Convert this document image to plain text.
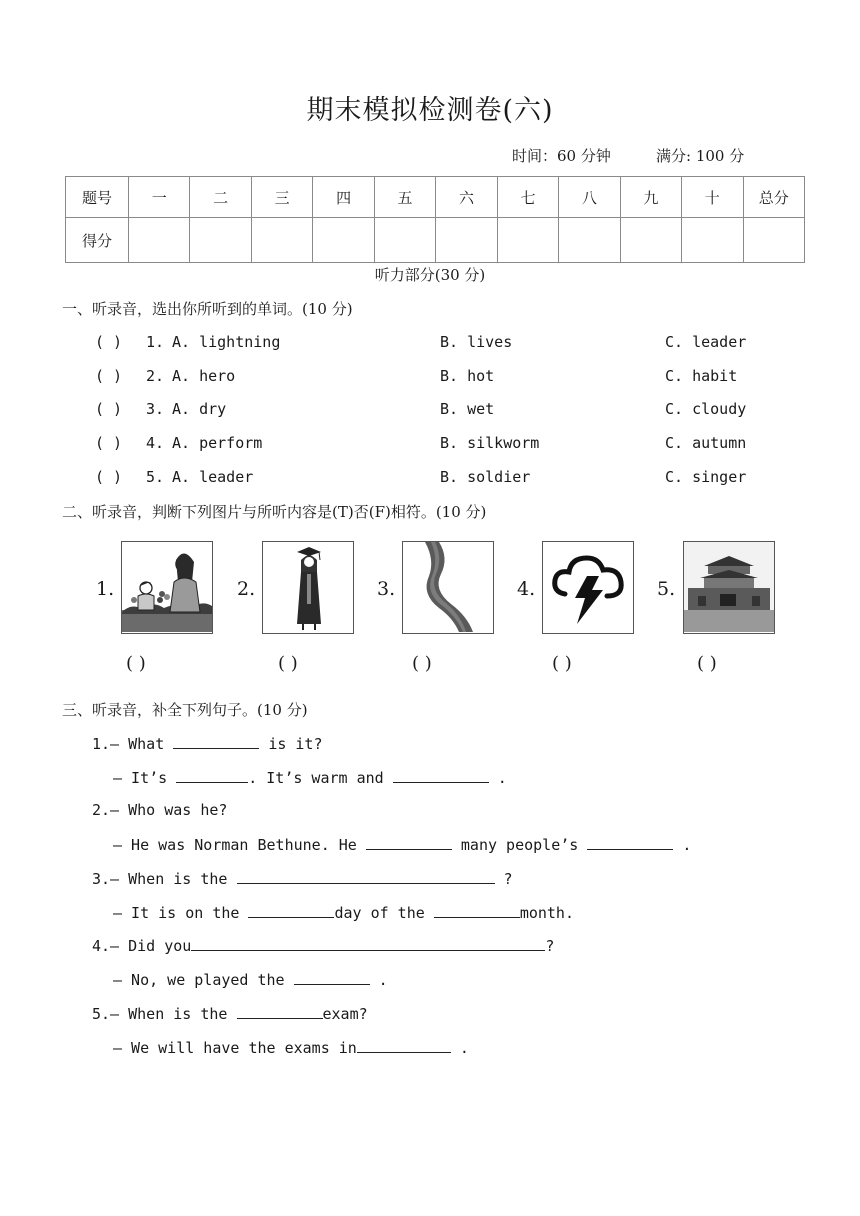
期末模拟检测卷(六)
时间：60 分钟	满分: 100 分
题号	一	二	三	四	五	六	七	八	九	十	总分
得分											
听力部分(30 分)
一、听录音，选出你所听到的单词。(10 分)
( ) 1. A. lightning	B. lives	C. leader
( ) 2. A. hero	B. hot	C. habit
( ) 3. A. dry	B. wet	C. cloudy
( ) 4. A. perform	B. silkworm	C. autumn
( ) 5. A. leader	B. soldier	C. singer
二、听录音，判断下列图片与所听内容是(T)否(F)相符。(10 分)
1.
( )
2.
( )
3.
( )
4.
( )
5.
( )
三、听录音，补全下列句子。(10 分)
1.— What	is it?
— It’s	. It’s warm and	.
2.— Who was he?
— He was Norman Bethune. He	many people’s	.
3.— When is the	?
— It is on the	day of the	month.
4.— Did you	?
— No, we played the	.
5.— When is the	exam?
— We will have the exams in	.
